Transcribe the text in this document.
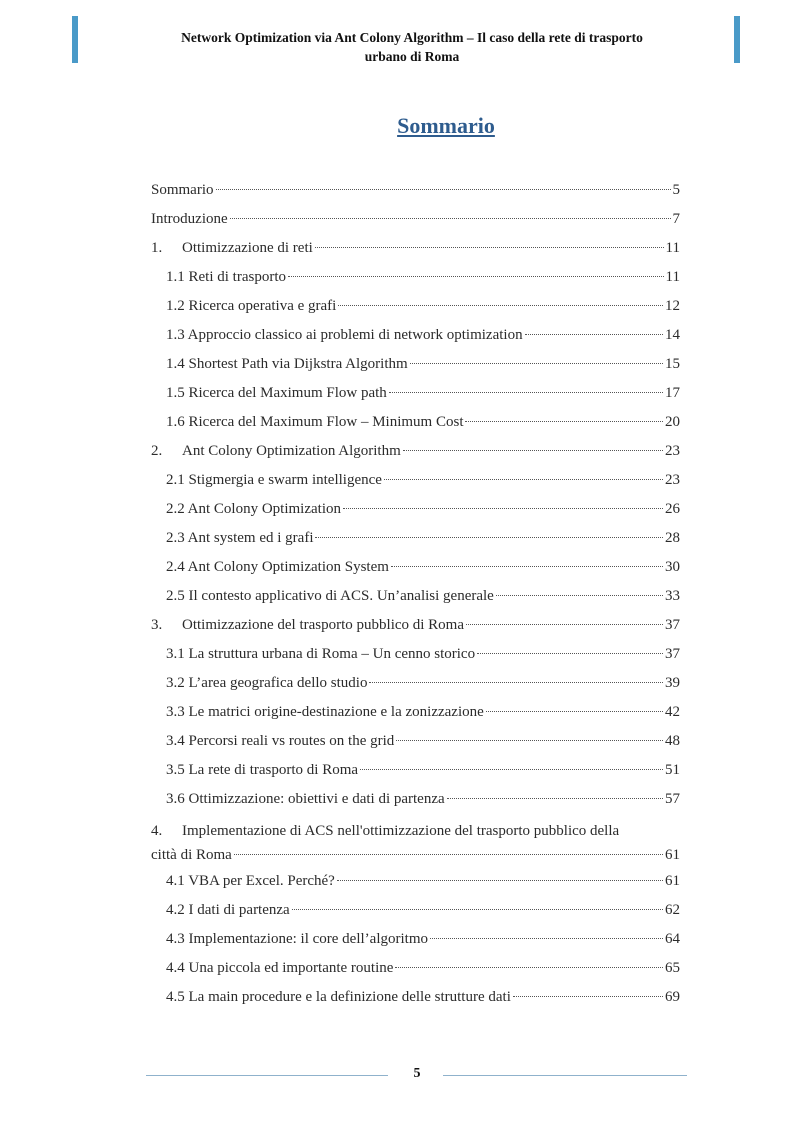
Network Optimization via Ant Colony Algorithm – Il caso della rete di trasporto
urbano di Roma
Sommario
Sommario	5
Introduzione	7
1. Ottimizzazione di reti	11
1.1 Reti di trasporto	11
1.2 Ricerca operativa e grafi	12
1.3 Approccio classico ai problemi di network optimization	14
1.4 Shortest Path via Dijkstra Algorithm	15
1.5 Ricerca del Maximum Flow path	17
1.6 Ricerca del Maximum Flow – Minimum Cost	20
2. Ant Colony Optimization Algorithm	23
2.1 Stigmergia e swarm intelligence	23
2.2 Ant Colony Optimization	26
2.3 Ant system ed i grafi	28
2.4 Ant Colony Optimization System	30
2.5 Il contesto applicativo di ACS. Un’analisi generale	33
3. Ottimizzazione del trasporto pubblico di Roma	37
3.1 La struttura urbana di Roma – Un cenno storico	37
3.2 L’area geografica dello studio	39
3.3 Le matrici origine-destinazione e la zonizzazione	42
3.4 Percorsi reali vs routes on the grid	48
3.5 La rete di trasporto di Roma	51
3.6 Ottimizzazione: obiettivi e dati di partenza	57
4. Implementazione di ACS nell'ottimizzazione del trasporto pubblico della
città di Roma	61
4.1 VBA per Excel. Perché?	61
4.2 I dati di partenza	62
4.3 Implementazione: il core dell’algoritmo	64
4.4 Una piccola ed importante routine	65
4.5 La main procedure e la definizione delle strutture dati	69
5
